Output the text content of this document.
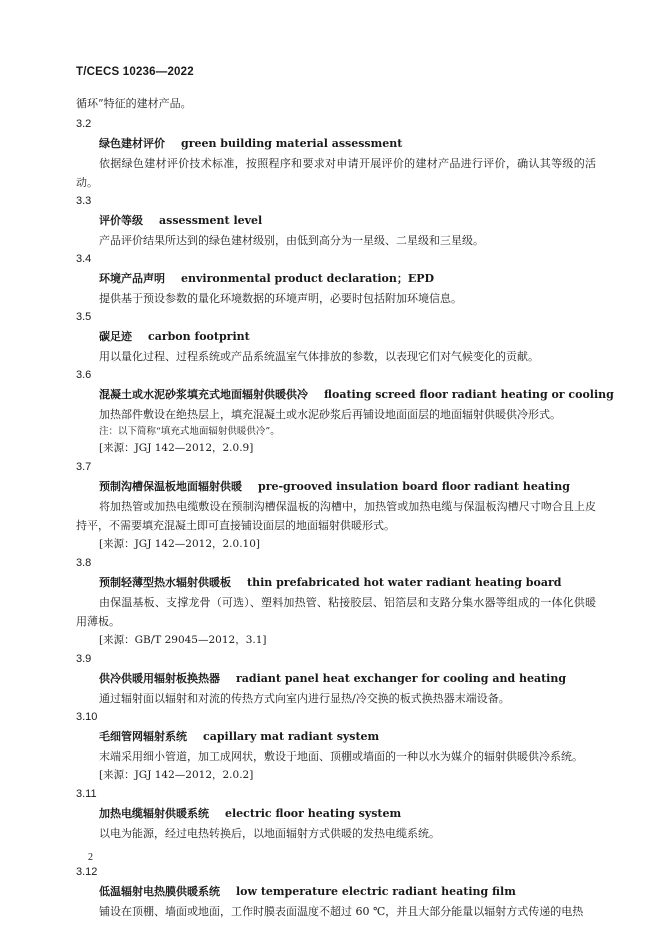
T/CECS 10236—2022

循环”特征的建材产品。

3.2

绿色建材评价 green building material assessment

依据绿色建材评价技术标准，按照程序和要求对申请开展评价的建材产品进行评价，确认其等级的活动。

3.3

评价等级 assessment level

产品评价结果所达到的绿色建材级别，由低到高分为一星级、二星级和三星级。

3.4

环境产品声明 environmental product declaration；EPD

提供基于预设参数的量化环境数据的环境声明，必要时包括附加环境信息。

3.5

碳足迹 carbon footprint

用以量化过程、过程系统或产品系统温室气体排放的参数，以表现它们对气候变化的贡献。

3.6

混凝土或水泥砂浆填充式地面辐射供暖供冷 floating screed floor radiant heating or cooling

加热部件敷设在绝热层上，填充混凝土或水泥砂浆后再铺设地面面层的地面辐射供暖供冷形式。

注：以下简称“填充式地面辐射供暖供冷”。

[来源：JGJ 142—2012，2.0.9]

3.7

预制沟槽保温板地面辐射供暖 pre-grooved insulation board floor radiant heating

将加热管或加热电缆敷设在预制沟槽保温板的沟槽中，加热管或加热电缆与保温板沟槽尺寸吻合且上皮持平，不需要填充混凝土即可直接铺设面层的地面辐射供暖形式。

[来源：JGJ 142—2012，2.0.10]

3.8

预制轻薄型热水辐射供暖板 thin prefabricated hot water radiant heating board

由保温基板、支撑龙骨（可选）、塑料加热管、粘接胶层、铝箔层和支路分集水器等组成的一体化供暖用薄板。

[来源：GB/T 29045—2012，3.1]

3.9

供冷供暖用辐射板换热器 radiant panel heat exchanger for cooling and heating

通过辐射面以辐射和对流的传热方式向室内进行显热/冷交换的板式换热器末端设备。

3.10

毛细管网辐射系统 capillary mat radiant system

末端采用细小管道，加工成网状，敷设于地面、顶棚或墙面的一种以水为媒介的辐射供暖供冷系统。

[来源：JGJ 142—2012，2.0.2]

3.11

加热电缆辐射供暖系统 electric floor heating system

以电为能源，经过电热转换后，以地面辐射方式供暖的发热电缆系统。

3.12

低温辐射电热膜供暖系统 low temperature electric radiant heating film

铺设在顶棚、墙面或地面，工作时膜表面温度不超过 60 ℃，并且大部分能量以辐射方式传递的电热

2
